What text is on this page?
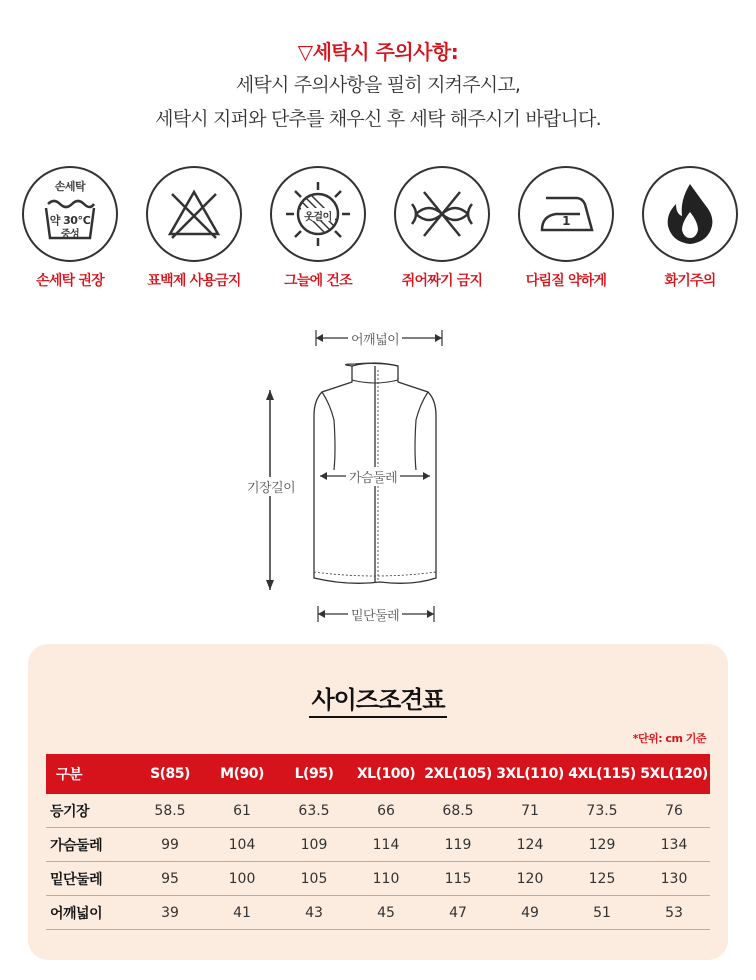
▽세탁시 주의사항:
세탁시 주의사항을 필히 지켜주시고,
세탁시 지퍼와 단추를 채우신 후 세탁 해주시기 바랍니다.
손세탁
약 30℃
중성
손세탁 권장	표백제 사용금지
옷걸이
그늘에 건조	쥐어짜기 금지
1
다림질 약하게	화기주의
어깨넓이
기장길이
가슴둘레
밑단둘레
사이즈조견표
*단위: cm 기준
구분	S(85)	M(90)	L(95)	XL(100)	2XL(105)	3XL(110)	4XL(115)	5XL(120)
등기장	58.5	61	63.5	66	68.5	71	73.5	76
가슴둘레	99	104	109	114	119	124	129	134
밑단둘레	95	100	105	110	115	120	125	130
어깨넓이	39	41	43	45	47	49	51	53
